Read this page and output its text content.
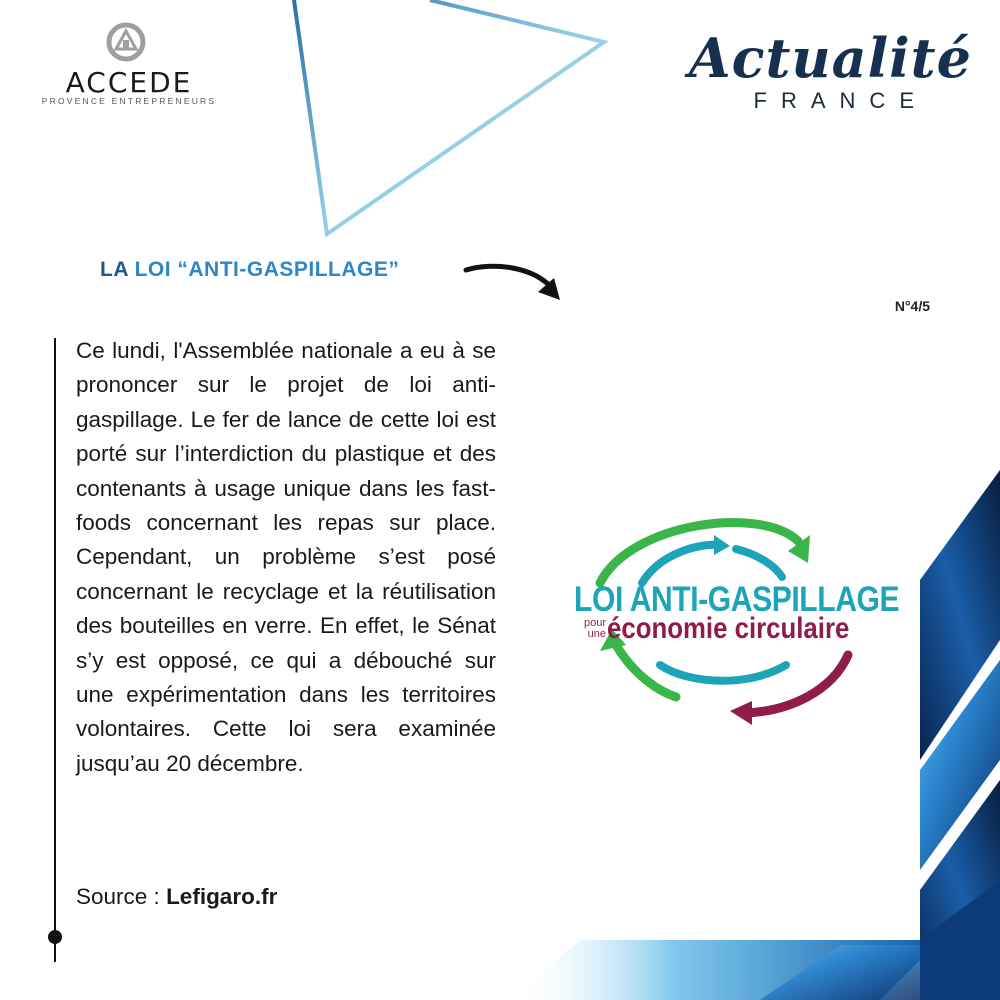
ACCEDE
PROVENCE ENTREPRENEURS
Actualité
FRANCE
LA LOI “ANTI-GASPILLAGE”
N°4/5
Ce lundi, l'Assemblée nationale a eu à se prononcer sur le projet de loi anti-gaspillage. Le fer de lance de cette loi est porté sur l’interdiction du plastique et des contenants à usage unique dans les fast-foods concernant les repas sur place. Cependant, un problème s’est posé concernant le recyclage et la réutilisation des bouteilles en verre. En effet, le Sénat s’y est opposé, ce qui a débouché sur une expérimentation dans les territoires volontaires. Cette loi sera examinée jusqu’au 20 décembre.
Source : Lefigaro.fr
LOI ANTI-GASPILLAGE
pour une économie circulaire
